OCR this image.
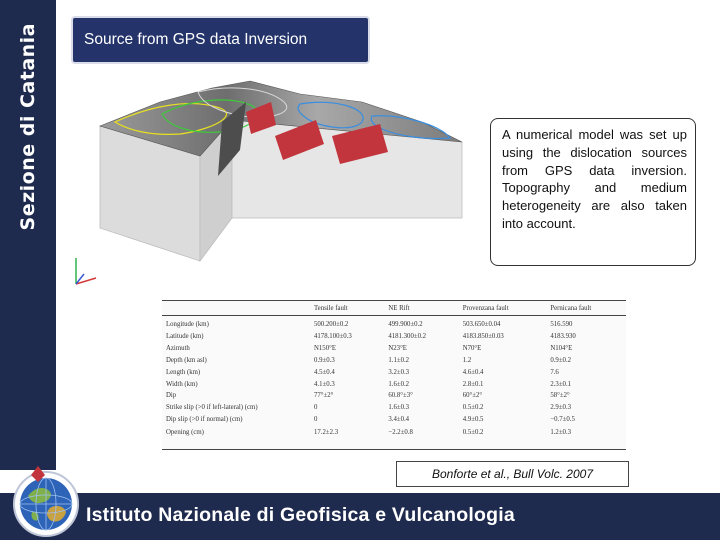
Sezione di Catania	Source from GPS data Inversion

A numerical model was set up using the dislocation sources from GPS data inversion. Topography and medium heterogeneity are also taken into account.

	Tensile fault	NE Rift	Provenzana fault	Pernicana fault
Longitude (km)	500.200±0.2	499.900±0.2	503.650±0.04	516.590
Latitude (km)	4178.100±0.3	4181.300±0.2	4183.850±0.03	4183.930
Azimuth	N150°E	N23°E	N70°E	N104°E
Depth (km asl)	0.9±0.3	1.1±0.2	1.2	0.9±0.2
Length (km)	4.5±0.4	3.2±0.3	4.6±0.4	7.6
Width (km)	4.1±0.3	1.6±0.2	2.8±0.1	2.3±0.1
Dip	77°±2°	60.8°±3°	60°±2°	58°±2°
Strike slip (>0 if left-lateral) (cm)	0	1.6±0.3	0.5±0.2	2.9±0.3
Dip slip (>0 if normal) (cm)	0	3.4±0.4	4.9±0.5	−0.7±0.5
Opening (cm)	17.2±2.3	−2.2±0.8	0.5±0.2	1.2±0.3
Bonforte et al., Bull Volc. 2007
Istituto Nazionale di Geofisica e Vulcanologia
